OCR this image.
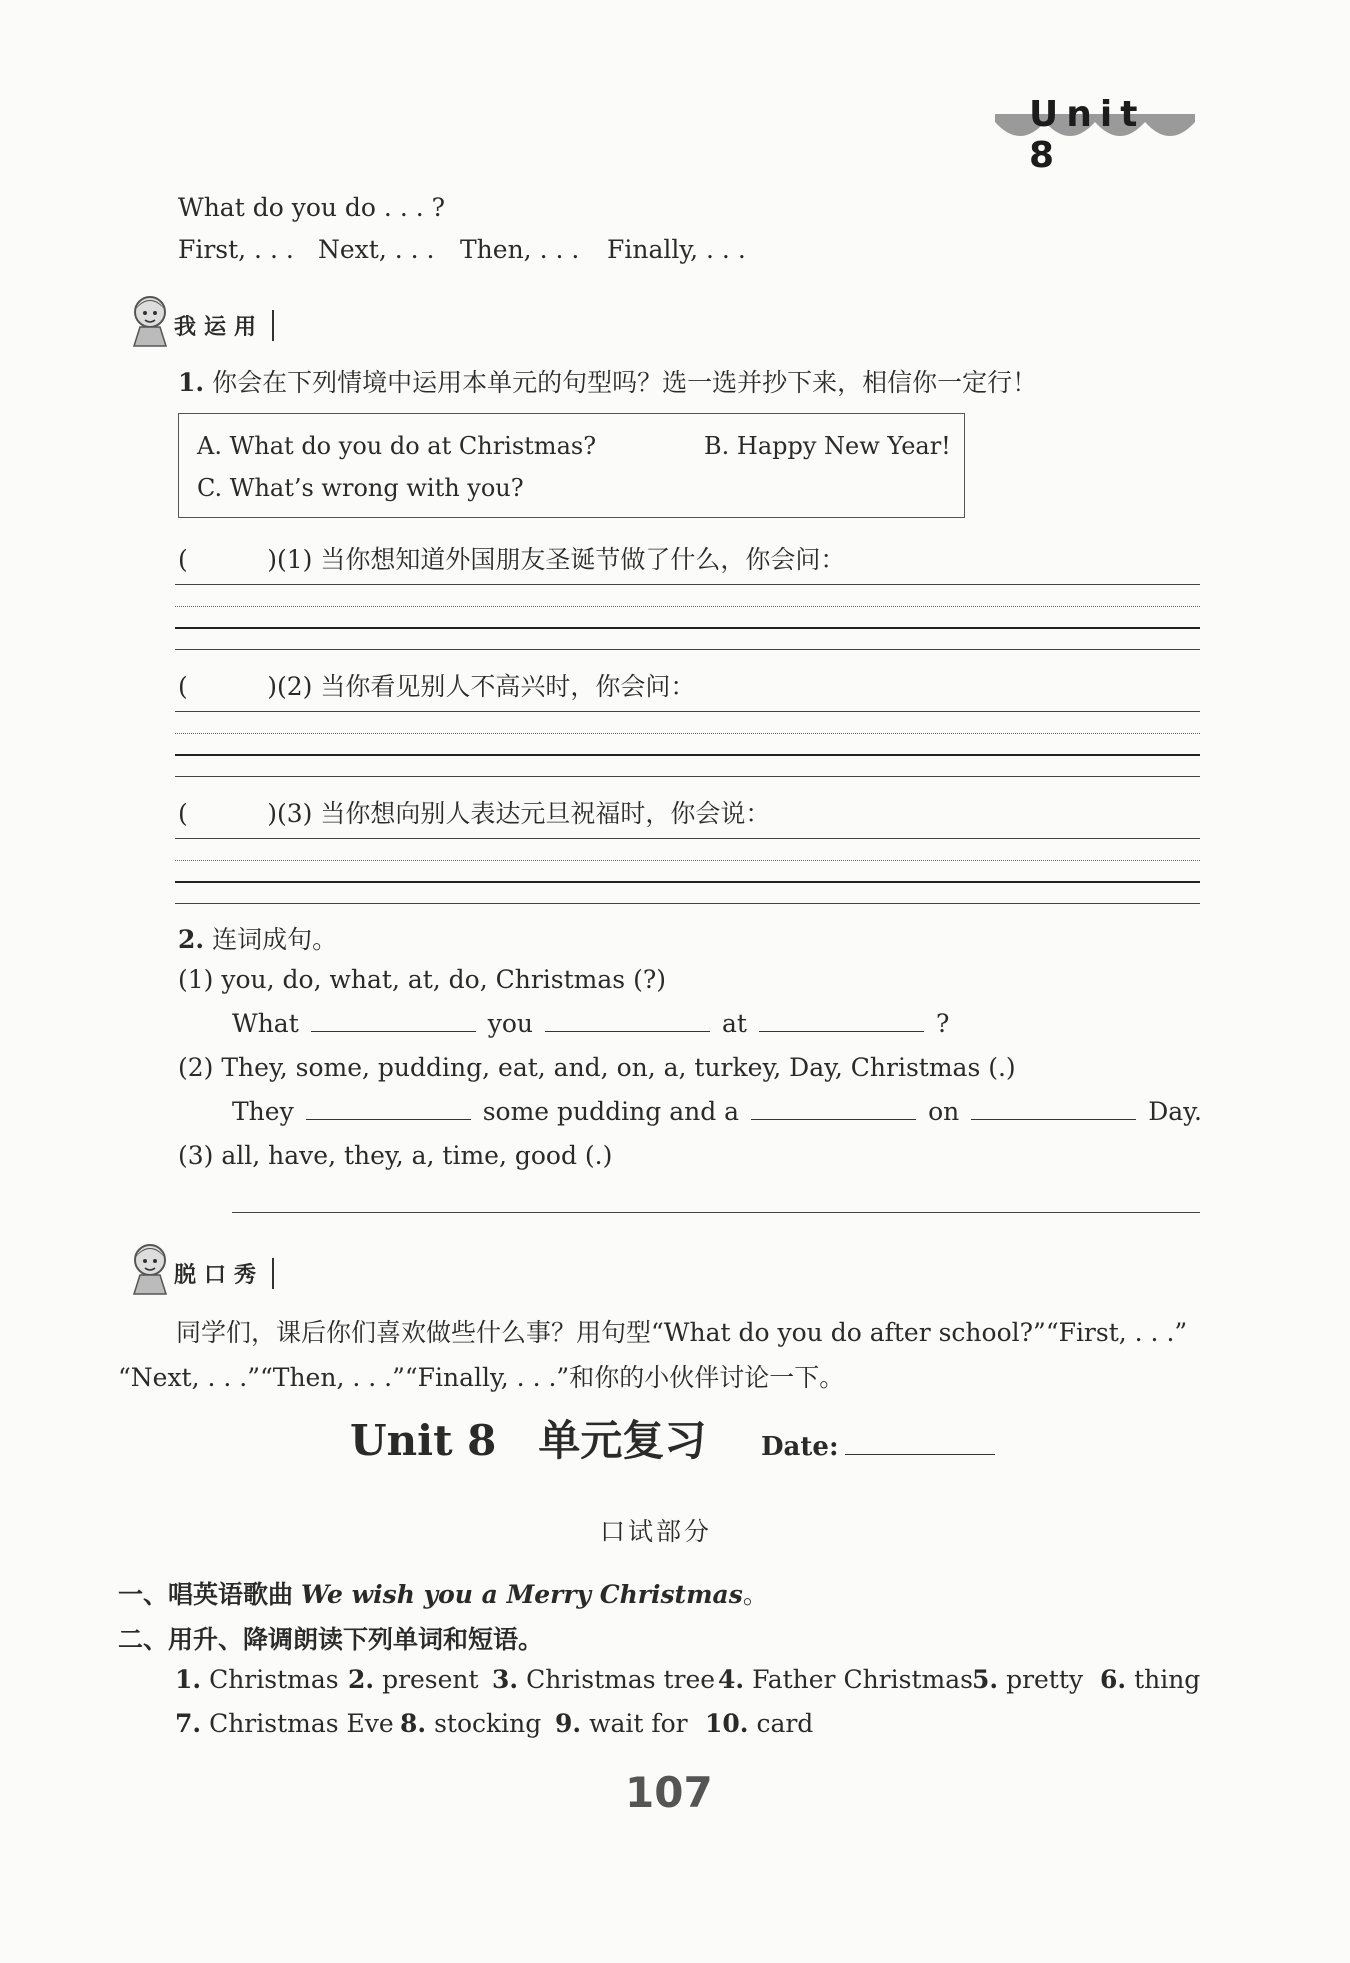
Unit 8
What do you do . . . ?
First, . . . Next, . . . Then, . . . Finally, . . .
我运用
1. 你会在下列情境中运用本单元的句型吗？选一选并抄下来，相信你一定行！
A. What do you do at Christmas?	B. Happy New Year!
C. What’s wrong with you?
(          )(1) 当你想知道外国朋友圣诞节做了什么，你会问：
(          )(2) 当你看见别人不高兴时，你会问：
(          )(3) 当你想向别人表达元旦祝福时，你会说：
2. 连词成句。
(1) you, do, what, at, do, Christmas (?)
What	you	at	?
(2) They, some, pudding, eat, and, on, a, turkey, Day, Christmas (.)
They	some pudding and a	on	Day.
(3) all, have, they, a, time, good (.)
脱口秀
同学们，课后你们喜欢做些什么事？用句型“What do you do after school?”“First, . . .”
“Next, . . .”“Then, . . .”“Finally, . . .”和你的小伙伴讨论一下。
Unit 8　单元复习 Date:
口试部分
一、唱英语歌曲 We wish you a Merry Christmas。
二、用升、降调朗读下列单词和短语。
1. Christmas 2. present 3. Christmas tree 4. Father Christmas 5. pretty 6. thing
7. Christmas Eve 8. stocking 9. wait for 10. card
107
